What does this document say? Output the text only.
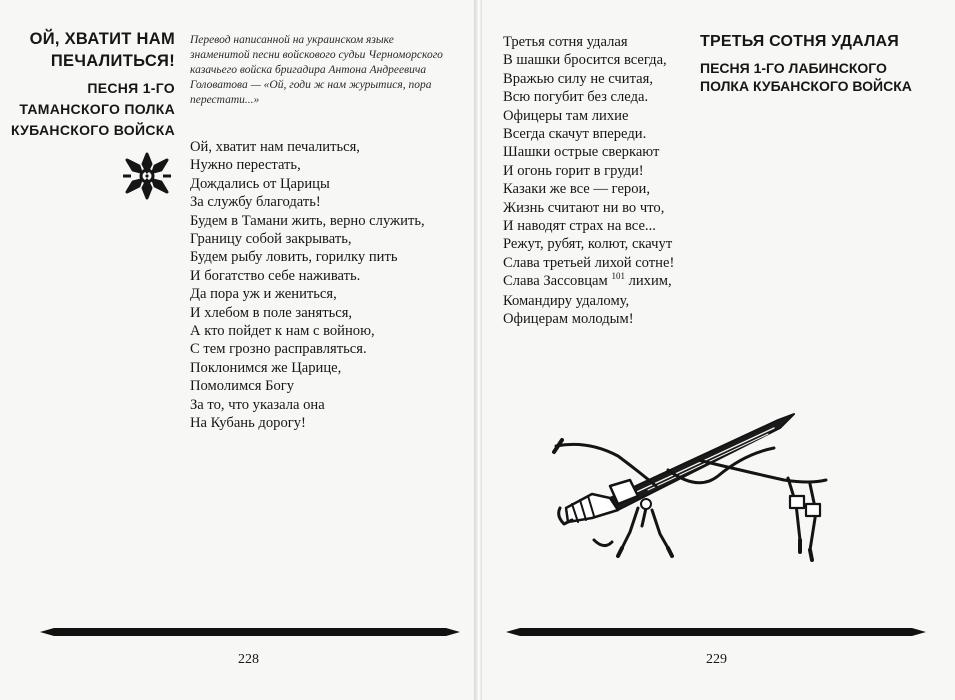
ОЙ, ХВАТИТ НАМ ПЕЧАЛИТЬСЯ!
ПЕСНЯ 1-ГО ТАМАНСКОГО ПОЛКА КУБАНСКОГО ВОЙСКА
Перевод написанной на украинском языке знаменитой песни войскового судьи Черноморского казачьего войска бригадира Антона Андреевича Головатова — «Ой, годи ж нам журытися, пора перестати...»
Ой, хватит нам печалиться,
Нужно перестать,
Дождались от Царицы
За службу благодать!
Будем в Тамани жить, верно служить,
Границу собой закрывать,
Будем рыбу ловить, горилку пить
И богатство себе наживать.
Да пора уж и жениться,
И хлебом в поле заняться,
А кто пойдет к нам с войною,
С тем грозно расправляться.
Поклонимся же Царице,
Помолимся Богу
За то, что указала она
На Кубань дорогу!
228
Третья сотня удалая
В шашки бросится всегда,
Вражью силу не считая,
Всю погубит без следа.
Офицеры там лихие
Всегда скачут впереди.
Шашки острые сверкают
И огонь горит в груди!
Казаки же все — герои,
Жизнь считают ни во что,
И наводят страх на все...
Режут, рубят, колют, скачут
Слава третьей лихой сотне!
Слава Засcовцам $^{101}$ лихим,
Командиру удалому,
Офицерам молодым!
ТРЕТЬЯ СОТНЯ УДАЛАЯ
ПЕСНЯ 1-ГО ЛАБИНСКОГО ПОЛКА КУБАНСКОГО ВОЙСКА
229
